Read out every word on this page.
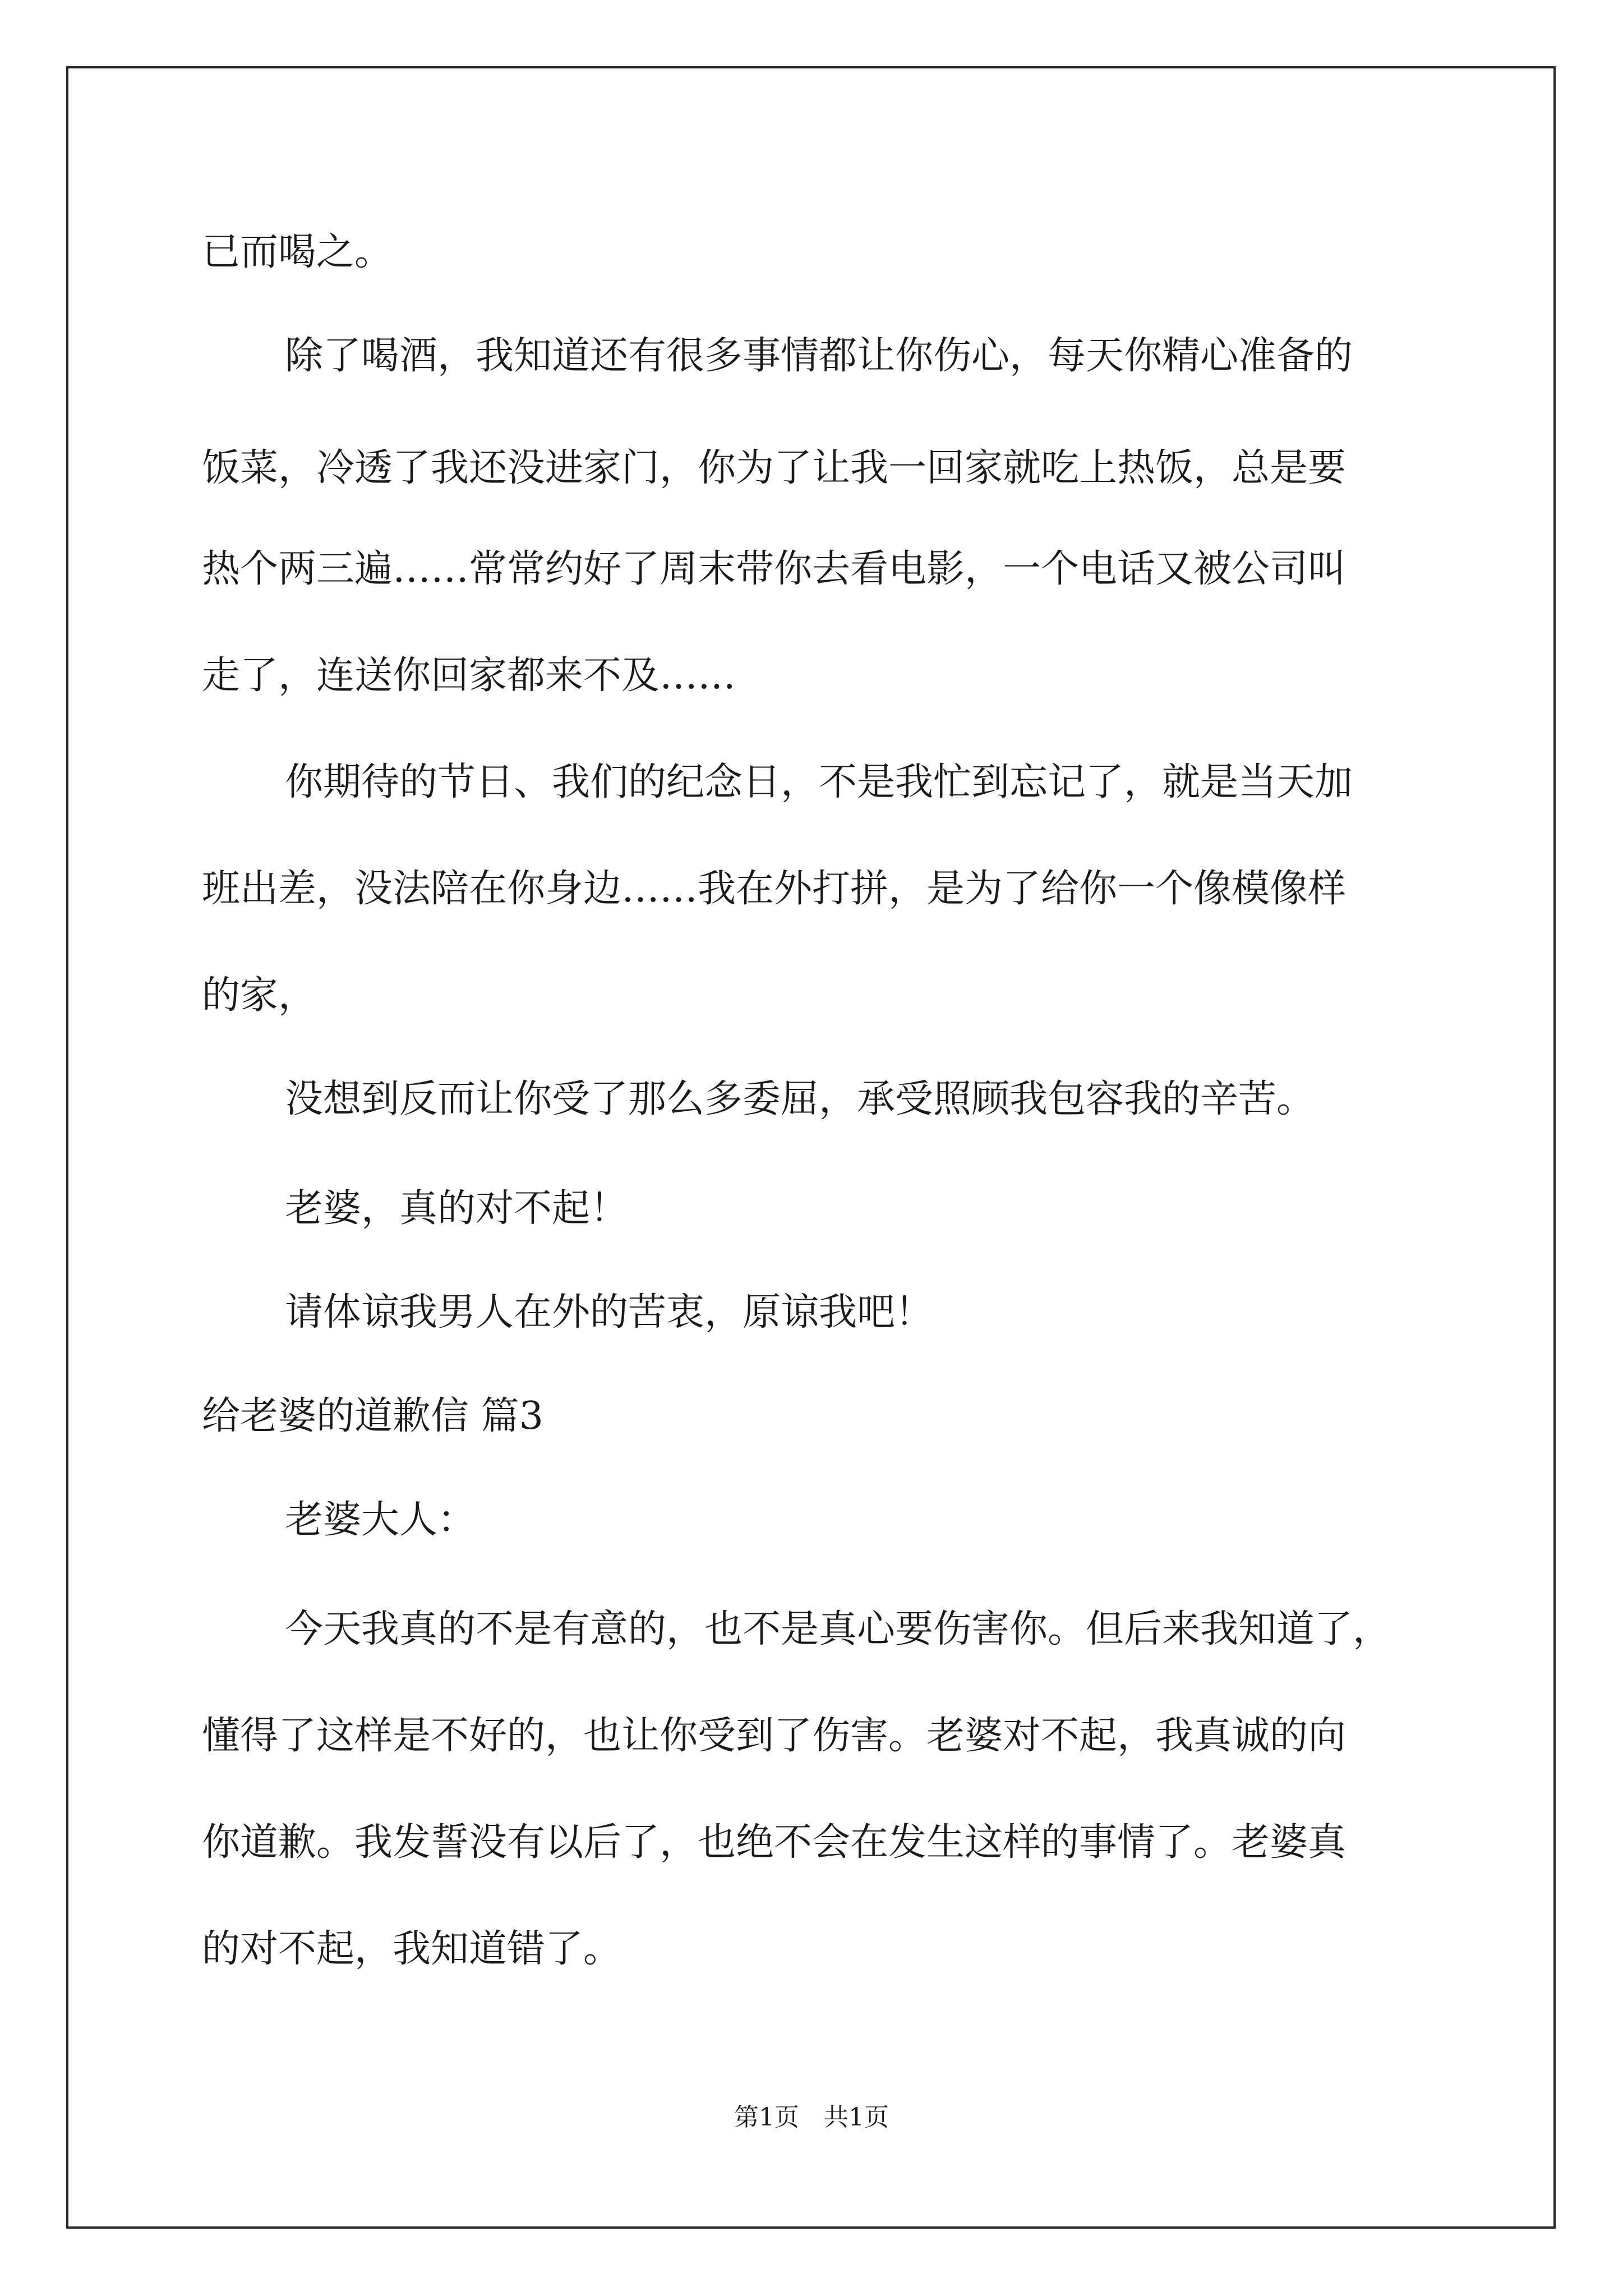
已而喝之。
除了喝酒，我知道还有很多事情都让你伤心，每天你精心准备的
饭菜，冷透了我还没进家门，你为了让我一回家就吃上热饭，总是要
热个两三遍……常常约好了周末带你去看电影，一个电话又被公司叫
走了，连送你回家都来不及……
你期待的节日、我们的纪念日，不是我忙到忘记了，就是当天加
班出差，没法陪在你身边……我在外打拼，是为了给你一个像模像样
的家，
没想到反而让你受了那么多委屈，承受照顾我包容我的辛苦。
老婆，真的对不起！
请体谅我男人在外的苦衷，原谅我吧！
给老婆的道歉信 篇3
老婆大人：
今天我真的不是有意的，也不是真心要伤害你。但后来我知道了，
懂得了这样是不好的，也让你受到了伤害。老婆对不起，我真诚的向
你道歉。我发誓没有以后了，也绝不会在发生这样的事情了。老婆真
的对不起，我知道错了。
第1页　共1页
